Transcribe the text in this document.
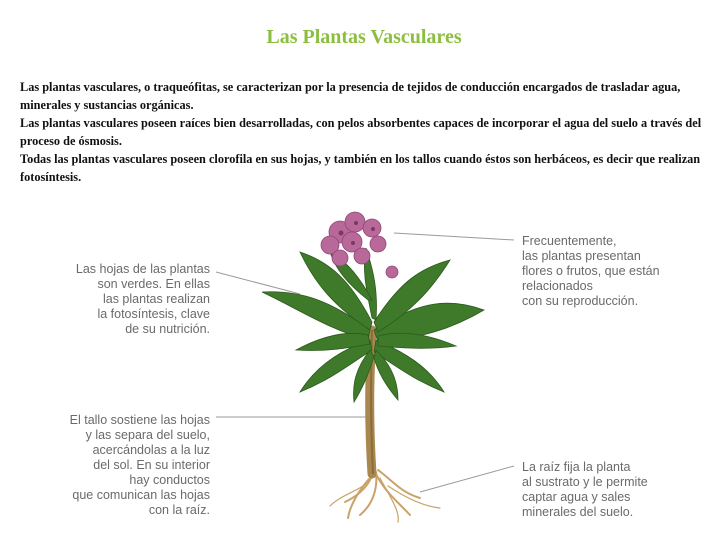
Las Plantas Vasculares

Las plantas vasculares, o traqueófitas, se caracterizan por la presencia de tejidos de conducción encargados de trasladar agua, minerales y sustancias orgánicas.

Las plantas vasculares poseen raíces bien desarrolladas, con pelos absorbentes capaces de incorporar el agua del suelo a través del proceso de ósmosis.

Todas las plantas vasculares poseen clorofila en sus hojas, y también en los tallos cuando éstos son herbáceos, es decir que realizan fotosíntesis.

Las hojas de las plantas
son verdes. En ellas
las plantas realizan
la fotosíntesis, clave
de su nutrición.
El tallo sostiene las hojas
y las separa del suelo,
acercándolas a la luz
del sol. En su interior
hay conductos
que comunican las hojas
con la raíz.
Frecuentemente,
las plantas presentan
flores o frutos, que están
relacionados
con su reproducción.
La raíz fija la planta
al sustrato y le permite
captar agua y sales
minerales del suelo.
